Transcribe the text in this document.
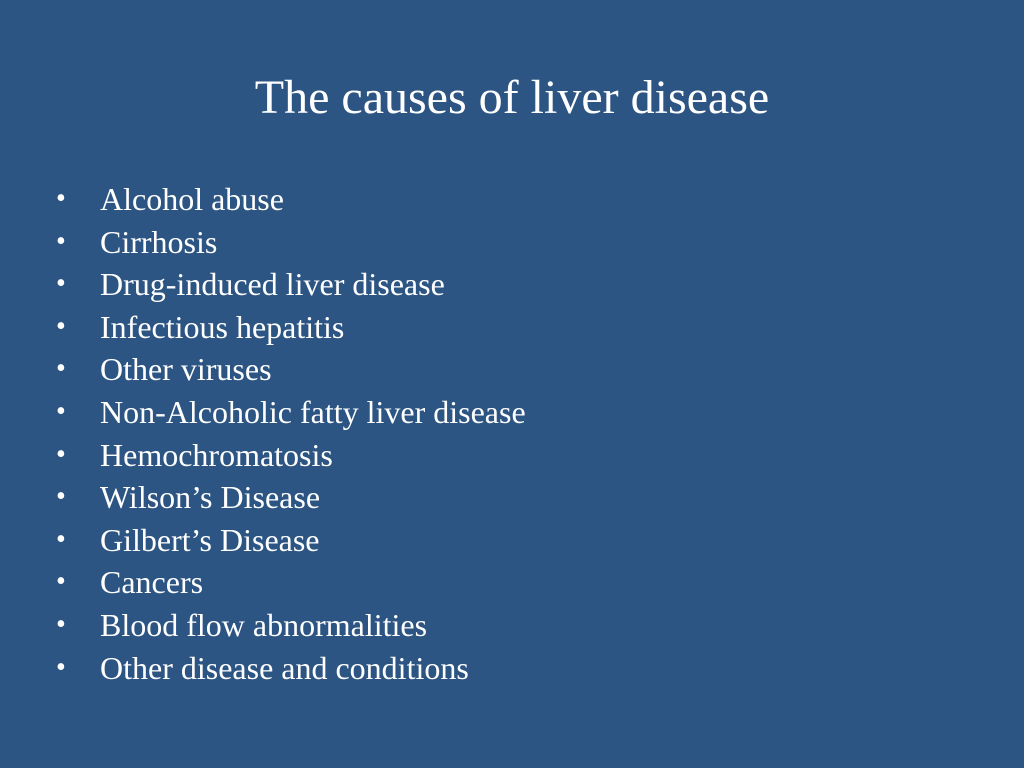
The causes of liver disease
•	Alcohol abuse
•	Cirrhosis
•	Drug-induced liver disease
•	Infectious hepatitis
•	Other viruses
•	Non-Alcoholic fatty liver disease
•	Hemochromatosis
•	Wilson’s Disease
•	Gilbert’s Disease
•	Cancers
•	Blood flow abnormalities
•	Other disease and conditions
